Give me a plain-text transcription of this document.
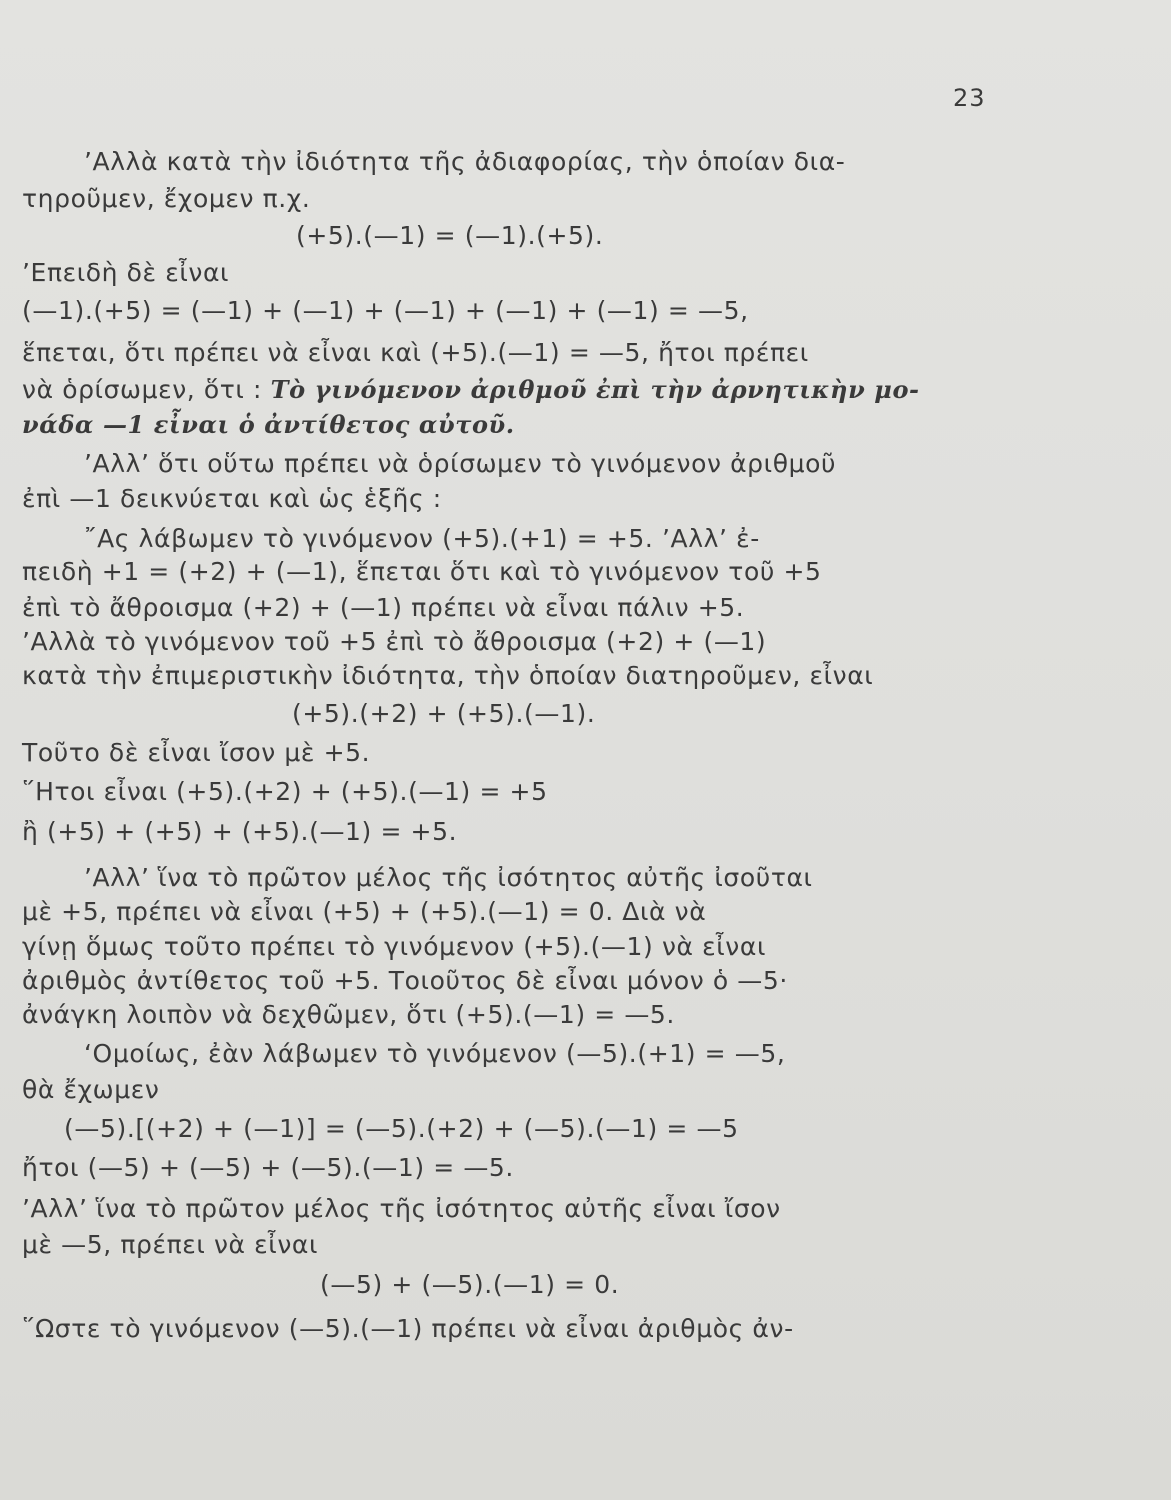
23
’Αλλὰ κατὰ τὴν ἰδιότητα τῆς ἀδιαφορίας, τὴν ὁποίαν δια-
τηροῦμεν, ἔχομεν π.χ.
(+5).(—1) = (—1).(+5).
’Επειδὴ δὲ εἶναι
(—1).(+5) = (—1) + (—1) + (—1) + (—1) + (—1) = —5,
ἕπεται, ὅτι πρέπει νὰ εἶναι καὶ (+5).(—1) = —5, ἤτοι πρέπει
νὰ ὁρίσωμεν, ὅτι : Τὸ γινόμενον ἀριθμοῦ ἐπὶ τὴν ἀρνητικὴν μο-
νάδα —1 εἶναι ὁ ἀντίθετος αὐτοῦ.
’Αλλ’ ὅτι οὕτω πρέπει νὰ ὁρίσωμεν τὸ γινόμενον ἀριθμοῦ
ἐπὶ —1 δεικνύεται καὶ ὡς ἑξῆς :
῎Ας λάβωμεν τὸ γινόμενον (+5).(+1) = +5. ’Αλλ’ ἐ-
πειδὴ +1 = (+2) + (—1), ἕπεται ὅτι καὶ τὸ γινόμενον τοῦ +5
ἐπὶ τὸ ἄθροισμα (+2) + (—1) πρέπει νὰ εἶναι πάλιν +5.
’Αλλὰ τὸ γινόμενον τοῦ +5 ἐπὶ τὸ ἄθροισμα (+2) + (—1)
κατὰ τὴν ἐπιμεριστικὴν ἰδιότητα, τὴν ὁποίαν διατηροῦμεν, εἶναι
(+5).(+2) + (+5).(—1).
Τοῦτο δὲ εἶναι ἴσον μὲ +5.
῞Ητοι εἶναι (+5).(+2) + (+5).(—1) = +5
ἢ (+5) + (+5) + (+5).(—1) = +5.
’Αλλ’ ἵνα τὸ πρῶτον μέλος τῆς ἰσότητος αὐτῆς ἰσοῦται
μὲ +5, πρέπει νὰ εἶναι (+5) + (+5).(—1) = 0. Διὰ νὰ
γίνῃ ὅμως τοῦτο πρέπει τὸ γινόμενον (+5).(—1) νὰ εἶναι
ἀριθμὸς ἀντίθετος τοῦ +5. Τοιοῦτος δὲ εἶναι μόνον ὁ —5·
ἀνάγκη λοιπὸν νὰ δεχθῶμεν, ὅτι (+5).(—1) = —5.
‘Ομοίως, ἐὰν λάβωμεν τὸ γινόμενον (—5).(+1) = —5,
θὰ ἔχωμεν
(—5).[(+2) + (—1)] = (—5).(+2) + (—5).(—1) = —5
ἤτοι (—5) + (—5) + (—5).(—1) = —5.
’Αλλ’ ἵνα τὸ πρῶτον μέλος τῆς ἰσότητος αὐτῆς εἶναι ἴσον
μὲ —5, πρέπει νὰ εἶναι
(—5) + (—5).(—1) = 0.
῞Ωστε τὸ γινόμενον (—5).(—1) πρέπει νὰ εἶναι ἀριθμὸς ἀν-
